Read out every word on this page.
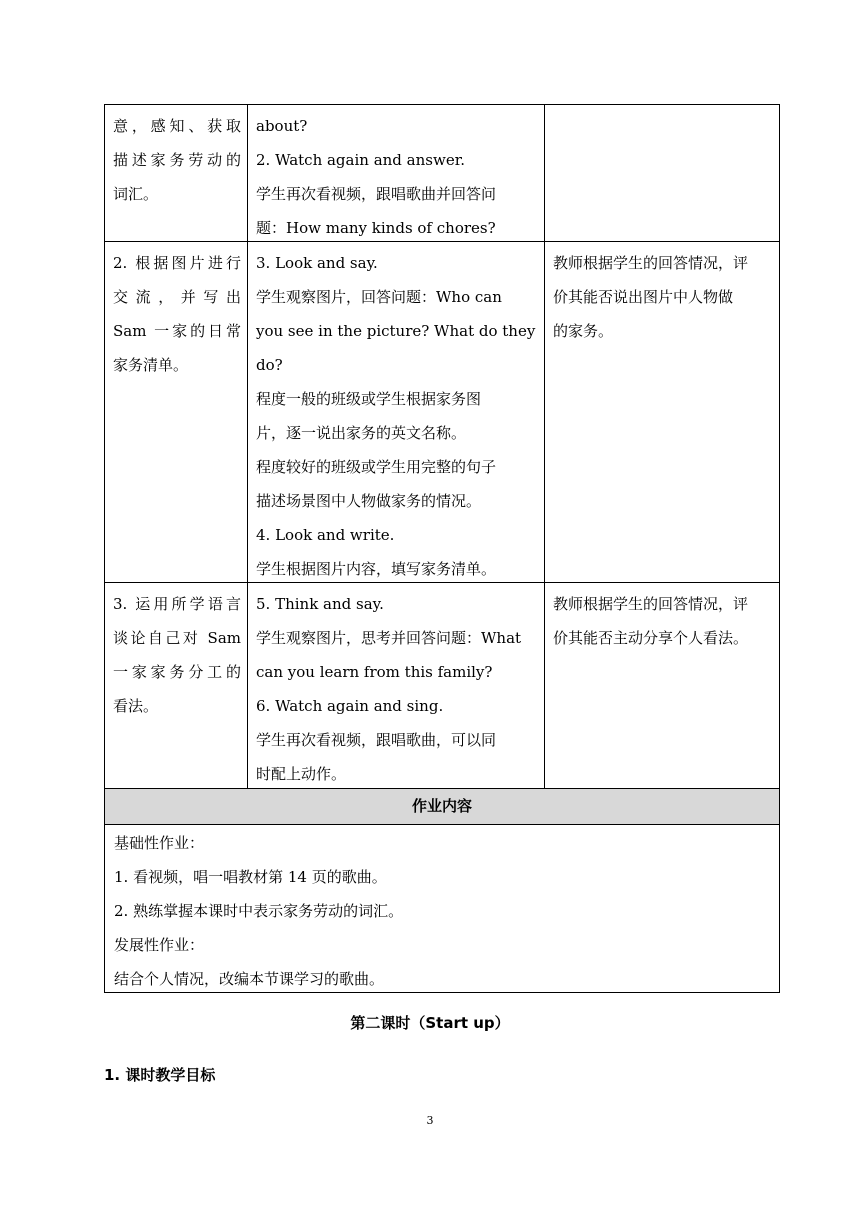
意，感知、获取
描述家务劳动的
词汇。
about?
2. Watch again and answer.
学生再次看视频，跟唱歌曲并回答问
题：How many kinds of chores?
2. 根据图片进行
交 流 ， 并 写 出
Sam 一家的日常
家务清单。
3. Look and say.
学生观察图片，回答问题：Who can
you see in the picture? What do they
do?
程度一般的班级或学生根据家务图
片，逐一说出家务的英文名称。
程度较好的班级或学生用完整的句子
描述场景图中人物做家务的情况。
4. Look and write.
学生根据图片内容，填写家务清单。
教师根据学生的回答情况，评
价其能否说出图片中人物做
的家务。
3. 运用所学语言
谈论自己对 Sam
一家家务分工的
看法。
5. Think and say.
学生观察图片，思考并回答问题：What
can you learn from this family?
6. Watch again and sing.
学生再次看视频，跟唱歌曲，可以同
时配上动作。
教师根据学生的回答情况，评
价其能否主动分享个人看法。
作业内容
基础性作业：
1. 看视频，唱一唱教材第 14 页的歌曲。
2. 熟练掌握本课时中表示家务劳动的词汇。
发展性作业：
结合个人情况，改编本节课学习的歌曲。
第二课时（Start up）
1. 课时教学目标
3
